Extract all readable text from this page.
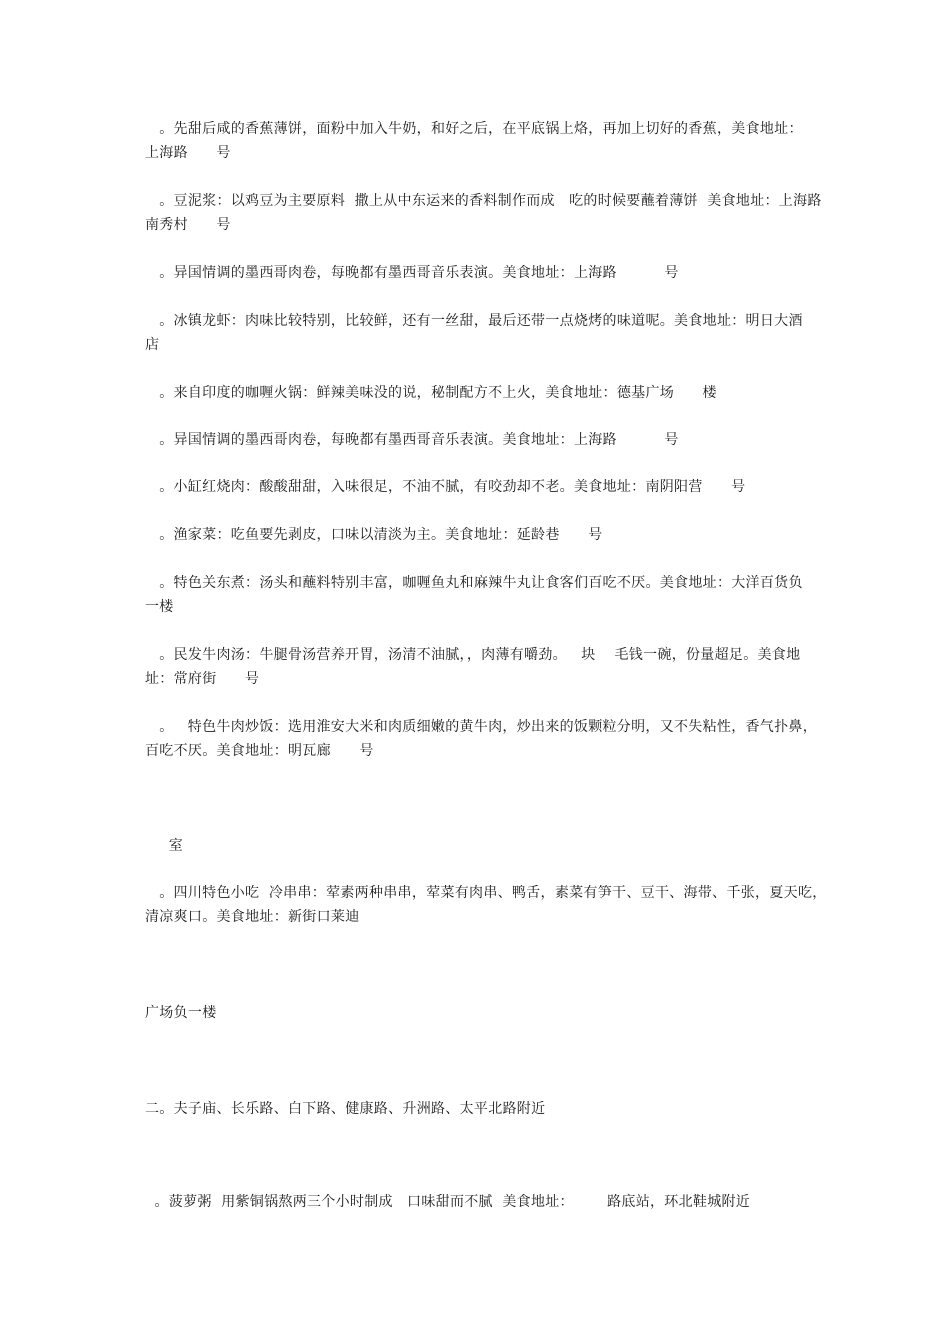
。先甜后咸的香蕉薄饼，面粉中加入牛奶，和好之后，在平底锅上烙，再加上切好的香蕉，美食地址：
上海路      号
。豆泥浆：以鸡豆为主要原料  撒上从中东运来的香料制作而成   吃的时候要蘸着薄饼  美食地址：上海路
南秀村      号
。异国情调的墨西哥肉卷，每晚都有墨西哥音乐表演。美食地址：上海路          号
。冰镇龙虾：肉味比较特别，比较鲜，还有一丝甜，最后还带一点烧烤的味道呢。美食地址：明日大酒
店
。来自印度的咖喱火锅：鲜辣美味没的说，秘制配方不上火，美食地址：德基广场      楼
。异国情调的墨西哥肉卷，每晚都有墨西哥音乐表演。美食地址：上海路          号
。小缸红烧肉：酸酸甜甜，入味很足，不油不腻，有咬劲却不老。美食地址：南阴阳营      号
。渔家菜：吃鱼要先剥皮，口味以清淡为主。美食地址：延龄巷      号
。特色关东煮：汤头和蘸料特别丰富，咖喱鱼丸和麻辣牛丸让食客们百吃不厌。美食地址：大洋百货负
一楼
。民发牛肉汤：牛腿骨汤营养开胃，汤清不油腻，，肉薄有嚼劲。   块    毛钱一碗，份量超足。美食地
址：常府街      号
。   特色牛肉炒饭：选用淮安大米和肉质细嫩的黄牛肉，炒出来的饭颗粒分明，又不失粘性，香气扑鼻，
百吃不厌。美食地址：明瓦廊      号
室
。四川特色小吃  冷串串：荤素两种串串，荤菜有肉串、鸭舌，素菜有笋干、豆干、海带、千张，夏天吃，
清凉爽口。美食地址：新街口莱迪
广场负一楼
二。夫子庙、长乐路、白下路、健康路、升洲路、太平北路附近
。菠萝粥  用紫铜锅熬两三个小时制成   口味甜而不腻  美食地址：       路底站，环北鞋城附近
